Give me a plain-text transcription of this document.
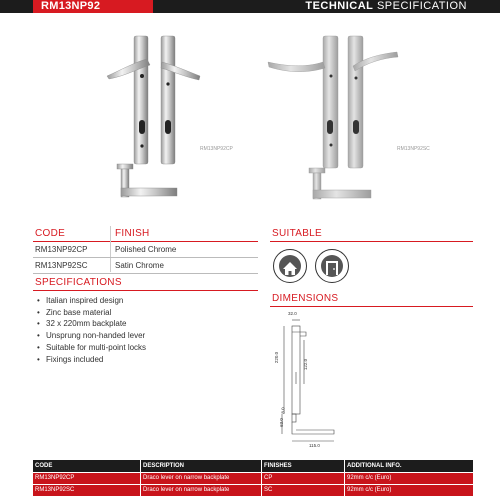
RM13NP92	TECHNICAL SPECIFICATION
RM13NP92CP	RM13NP92SC
CODE	FINISH
RM13NP92CP	Polished Chrome
RM13NP92SC	Satin Chrome
SUITABLE
SPECIFICATIONS
• Italian inspired design
• Zinc base material
• 32 x 220mm backplate
• Unsprung non-handed lever
• Suitable for multi-point locks
• Fixings included
DIMENSIONS
32.0
220.0
122.0
8.0
63.0
115.0
CODE	DESCRIPTION	FINISHES	ADDITIONAL INFO.
RM13NP92CP	Draco lever on narrow backplate	CP	92mm c/c (Euro)
RM13NP92SC	Draco lever on narrow backplate	SC	92mm c/c (Euro)
